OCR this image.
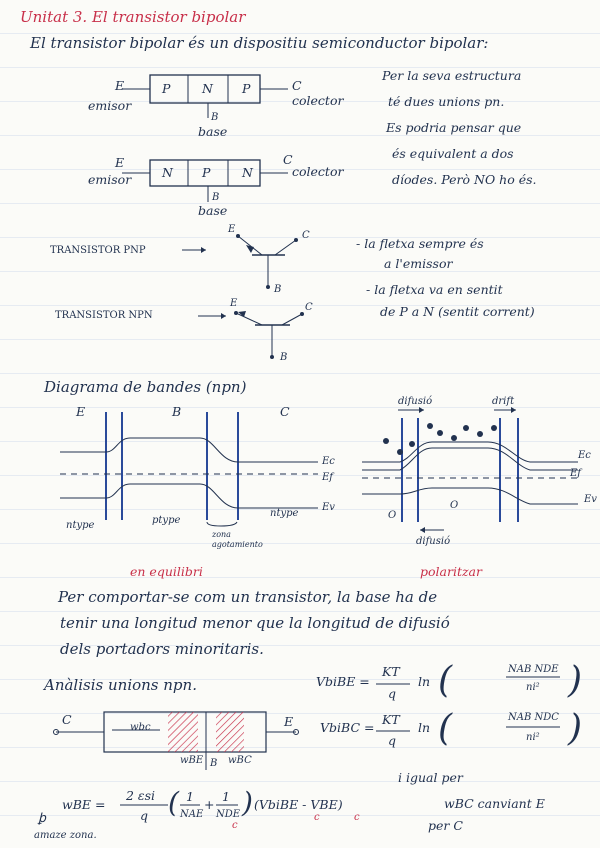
Unitat 3. El transistor bipolar
El transistor bipolar és un dispositiu semiconductor bipolar:
E	P	N P	C
emisor	colector
B
base
E
N P	N
C
emisor
colector
B
base
Per la seva estructura
té dues unions pn.
Es podria pensar que
és equivalent a dos
díodes. Però NO ho és.
TRANSISTOR PNP
TRANSISTOR NPN
E
C
B
E	C
B
- la fletxa sempre és
a l'emissor
- la fletxa va en sentit
de P a N (sentit corrent)
Diagrama de bandes (npn)
E	B	C
Ec
Ef
Ev
ntype	ptype
ntype
zona agotamiento
difusió	drift
difusió
O
O
Ec
Ef
Ev
en equilibri	polaritzar
Per comportar-se com un transistor, la base ha de
tenir una longitud menor que la longitud de difusió
dels portadors minoritaris.
Anàlisis unions npn.
C	E
wbc
wBE B wBC
VbiBE =
KT
q
ln (	NAB NDE
ni² )
VbiBC =
KT
q
ln (	NAB NDC
ni² )
wBE =
2 εsi
q ( 1
NAE
+
1
NDE ) (VbiBE - VBE)
c
c	c
i igual per
wBC canviant E
per C
ꝧ
amaze zona.
